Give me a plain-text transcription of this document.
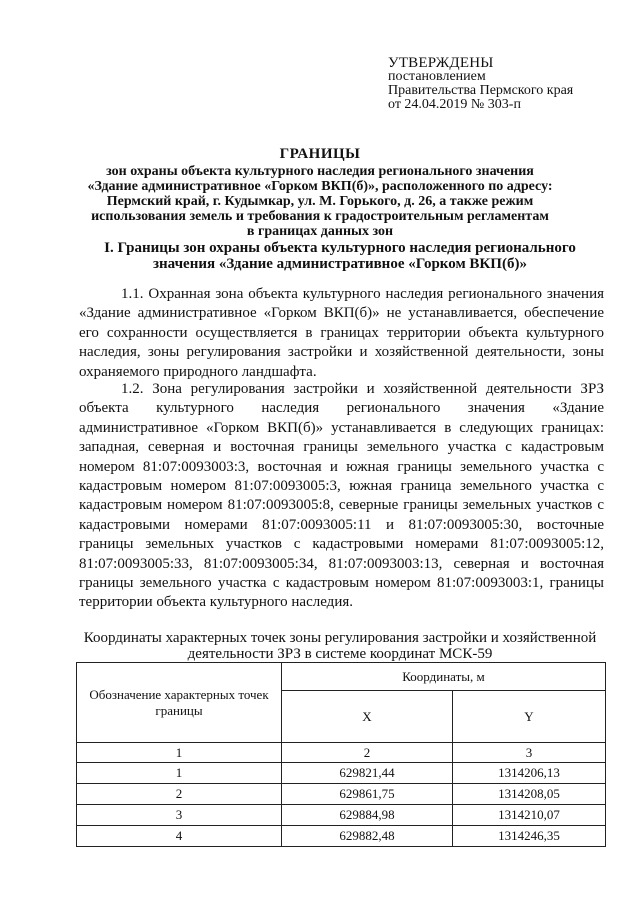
УТВЕРЖДЕНЫ
постановлением
Правительства Пермского края
от 24.04.2019 № 303-п
ГРАНИЦЫ
зон охраны объекта культурного наследия регионального значения
«Здание административное «Горком ВКП(б)», расположенного по адресу:
Пермский край, г. Кудымкар, ул. М. Горького, д. 26, а также режим
использования земель и требования к градостроительным регламентам
в границах данных зон
I. Границы зон охраны объекта культурного наследия регионального
значения «Здание административное «Горком ВКП(б)»

1.1. Охранная зона объекта культурного наследия регионального значения «Здание административное «Горком ВКП(б)» не устанавливается, обеспечение его сохранности осуществляется в границах территории объекта культурного наследия, зоны регулирования застройки и хозяйственной деятельности, зоны охраняемого природного ландшафта.

1.2. Зона регулирования застройки и хозяйственной деятельности ЗРЗ объекта культурного наследия регионального значения «Здание административное «Горком ВКП(б)» устанавливается в следующих границах: западная, северная и восточная границы земельного участка с кадастровым номером 81:07:0093003:3, восточная и южная границы земельного участка с кадастровым номером 81:07:0093005:3, южная граница земельного участка с кадастровым номером 81:07:0093005:8, северные границы земельных участков с кадастровыми номерами 81:07:0093005:11 и 81:07:0093005:30, восточные границы земельных участков с кадастровыми номерами 81:07:0093005:12, 81:07:0093005:33, 81:07:0093005:34, 81:07:0093003:13, северная и восточная границы земельного участка с кадастровым номером 81:07:0093003:1, границы территории объекта культурного наследия.

Координаты характерных точек зоны регулирования застройки и хозяйственной
деятельности ЗРЗ в системе координат МСК-59
Обозначение характерных точек границы	Координаты, м	
	X	Y
1	2	3
1	629821,44	1314206,13
2	629861,75	1314208,05
3	629884,98	1314210,07
4	629882,48	1314246,35
